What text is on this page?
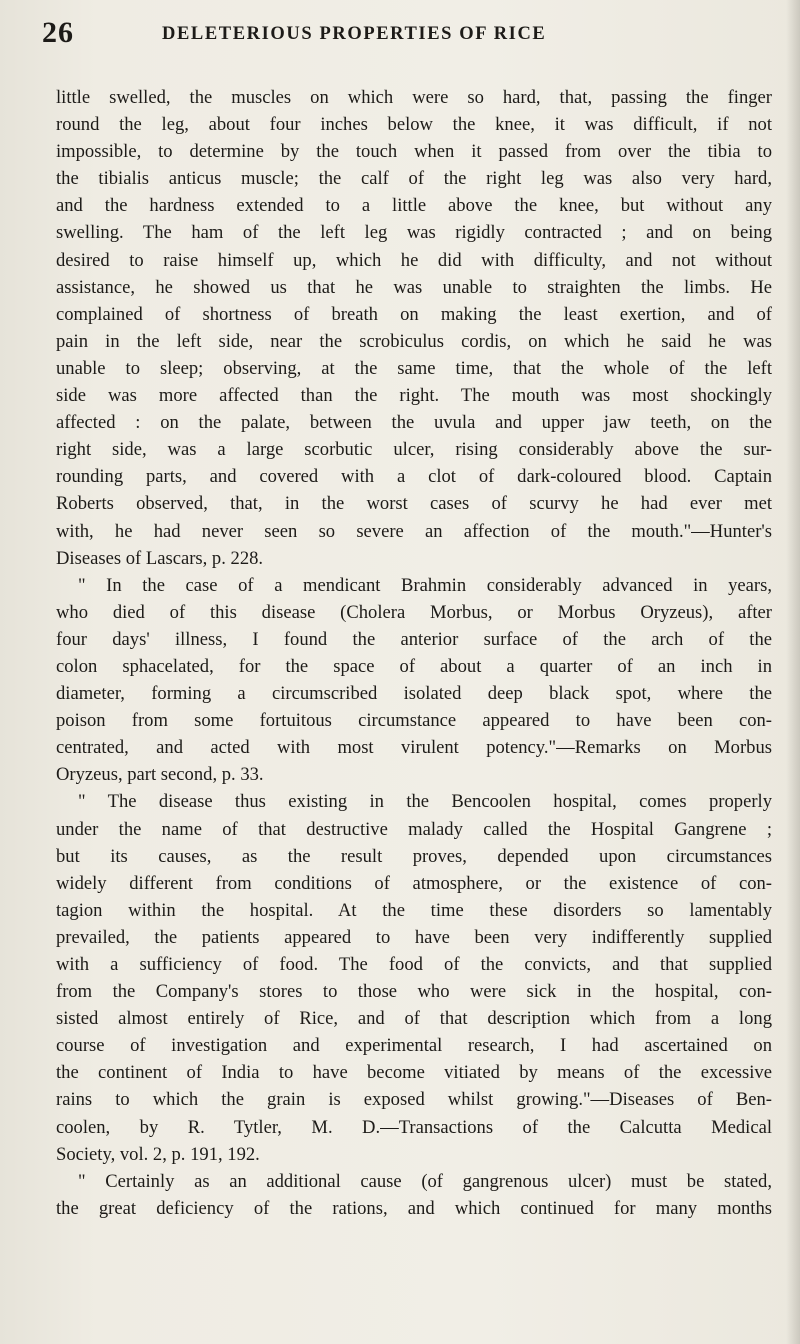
26	DELETERIOUS PROPERTIES OF RICE
little swelled, the muscles on which were so hard, that, passing the finger
round the leg, about four inches below the knee, it was difficult, if not
impossible, to determine by the touch when it passed from over the tibia to
the tibialis anticus muscle; the calf of the right leg was also very hard,
and the hardness extended to a little above the knee, but without any
swelling. The ham of the left leg was rigidly contracted ; and on being
desired to raise himself up, which he did with difficulty, and not without
assistance, he showed us that he was unable to straighten the limbs. He
complained of shortness of breath on making the least exertion, and of
pain in the left side, near the scrobiculus cordis, on which he said he was
unable to sleep; observing, at the same time, that the whole of the left
side was more affected than the right. The mouth was most shockingly
affected : on the palate, between the uvula and upper jaw teeth, on the
right side, was a large scorbutic ulcer, rising considerably above the sur-
rounding parts, and covered with a clot of dark-coloured blood. Captain
Roberts observed, that, in the worst cases of scurvy he had ever met
with, he had never seen so severe an affection of the mouth."—Hunter's
Diseases of Lascars, p. 228.
" In the case of a mendicant Brahmin considerably advanced in years,
who died of this disease (Cholera Morbus, or Morbus Oryzeus), after
four days' illness, I found the anterior surface of the arch of the
colon sphacelated, for the space of about a quarter of an inch in
diameter, forming a circumscribed isolated deep black spot, where the
poison from some fortuitous circumstance appeared to have been con-
centrated, and acted with most virulent potency."—Remarks on Morbus
Oryzeus, part second, p. 33.
" The disease thus existing in the Bencoolen hospital, comes properly
under the name of that destructive malady called the Hospital Gangrene ;
but its causes, as the result proves, depended upon circumstances
widely different from conditions of atmosphere, or the existence of con-
tagion within the hospital. At the time these disorders so lamentably
prevailed, the patients appeared to have been very indifferently supplied
with a sufficiency of food. The food of the convicts, and that supplied
from the Company's stores to those who were sick in the hospital, con-
sisted almost entirely of Rice, and of that description which from a long
course of investigation and experimental research, I had ascertained on
the continent of India to have become vitiated by means of the excessive
rains to which the grain is exposed whilst growing."—Diseases of Ben-
coolen, by R. Tytler, M. D.—Transactions of the Calcutta Medical
Society, vol. 2, p. 191, 192.
" Certainly as an additional cause (of gangrenous ulcer) must be stated,
the great deficiency of the rations, and which continued for many months
